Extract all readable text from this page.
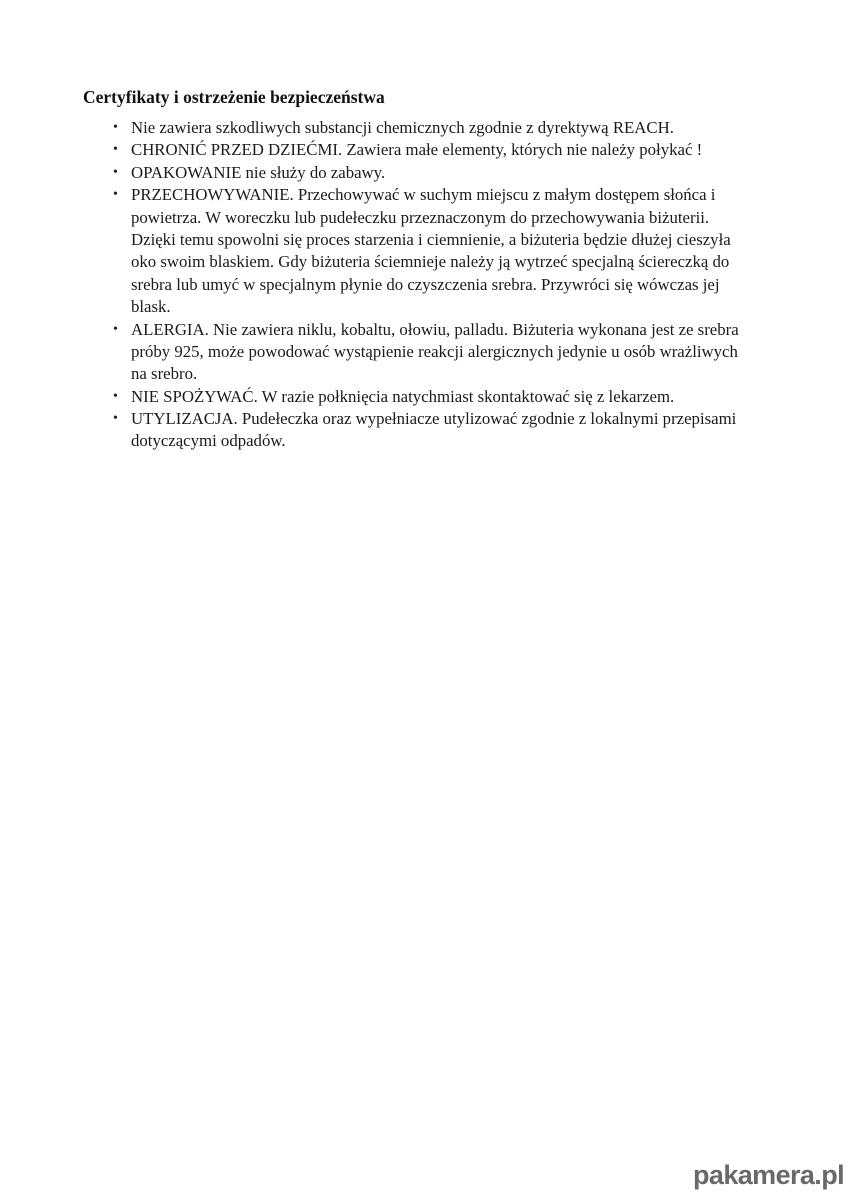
Certyfikaty i ostrzeżenie bezpieczeństwa
• Nie zawiera szkodliwych substancji chemicznych zgodnie z dyrektywą REACH.
• CHRONIĆ PRZED DZIEĆMI. Zawiera małe elementy, których nie należy połykać !
• OPAKOWANIE nie służy do zabawy.
• PRZECHOWYWANIE. Przechowywać w suchym miejscu z małym dostępem słońca i
powietrza. W woreczku lub pudełeczku przeznaczonym do przechowywania biżuterii.
Dzięki temu spowolni się proces starzenia i ciemnienie, a biżuteria będzie dłużej cieszyła
oko swoim blaskiem. Gdy biżuteria ściemnieje należy ją wytrzeć specjalną ściereczką do
srebra lub umyć w specjalnym płynie do czyszczenia srebra. Przywróci się wówczas jej
blask.
• ALERGIA. Nie zawiera niklu, kobaltu, ołowiu, palladu. Biżuteria wykonana jest ze srebra
próby 925, może powodować wystąpienie reakcji alergicznych jedynie u osób wrażliwych
na srebro.
• NIE SPOŻYWAĆ. W razie połknięcia natychmiast skontaktować się z lekarzem.
• UTYLIZACJA. Pudełeczka oraz wypełniacze utylizować zgodnie z lokalnymi przepisami
dotyczącymi odpadów.
pakamera.pl
